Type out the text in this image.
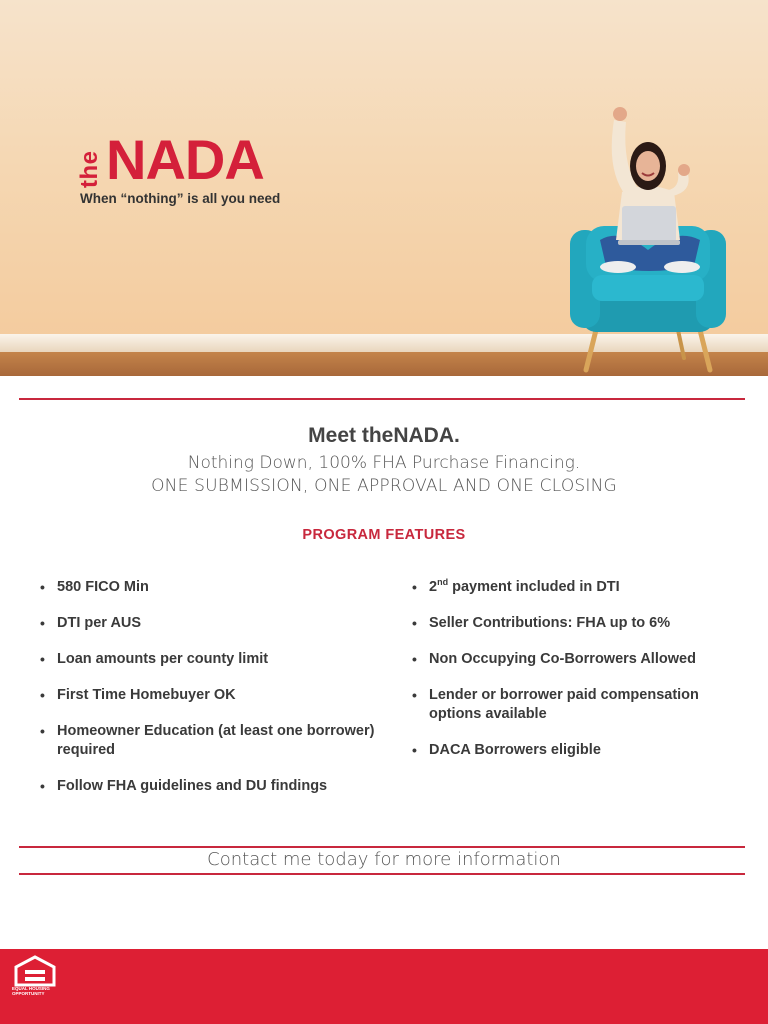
the NADA
When “nothing” is all you need
Meet theNADA.
Nothing Down, 100% FHA Purchase Financing.
ONE SUBMISSION, ONE APPROVAL AND ONE CLOSING
PROGRAM FEATURES
• 580 FICO Min
• DTI per AUS
• Loan amounts per county limit
• First Time Homebuyer OK
• Homeowner Education (at least one borrower) required
• Follow FHA guidelines and DU findings
• 2nd payment included in DTI
• Seller Contributions: FHA up to 6%
• Non Occupying Co-Borrowers Allowed
• Lender or borrower paid compensation options available
• DACA Borrowers eligible
Contact me today for more information
EQUAL HOUSING
OPPORTUNITY
